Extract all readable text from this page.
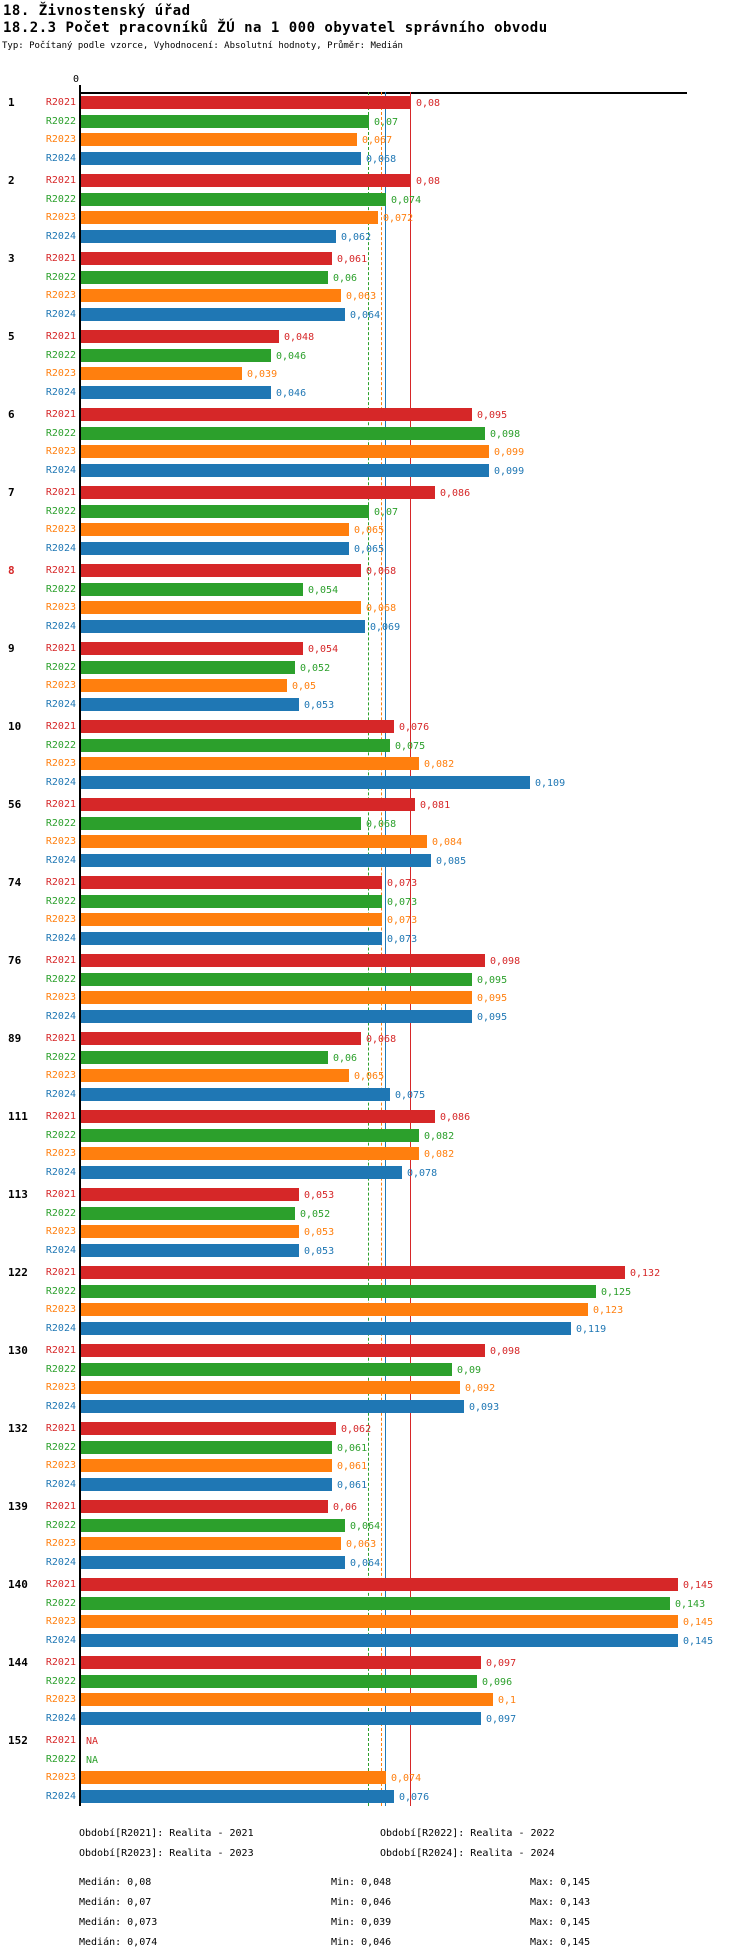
18. Živnostenský úřad
18.2.3 Počet pracovníků ŽÚ na 1 000 obyvatel správního obvodu
Typ: Počítaný podle vzorce, Vyhodnocení: Absolutní hodnoty, Průměr: Medián
0
1	R2021	0,08
R2022	0,07
R2023	0,067
R2024	0,068
2	R2021	0,08
R2022	0,074
R2023	0,072
R2024	0,062
3	R2021	0,061
R2022	0,06
R2023	0,063
R2024	0,064
5	R2021	0,048
R2022	0,046
R2023	0,039
R2024	0,046
6	R2021	0,095
R2022	0,098
R2023	0,099
R2024	0,099
7	R2021	0,086
R2022	0,07
R2023	0,065
R2024	0,065
8	R2021	0,068
R2022	0,054
R2023	0,068
R2024	0,069
9	R2021	0,054
R2022	0,052
R2023	0,05
R2024	0,053
10	R2021	0,076
R2022	0,075
R2023	0,082
R2024	0,109
56	R2021	0,081
R2022	0,068
R2023	0,084
R2024	0,085
74	R2021	0,073
R2022	0,073
R2023	0,073
R2024	0,073
76	R2021	0,098
R2022	0,095
R2023	0,095
R2024	0,095
89	R2021	0,068
R2022	0,06
R2023	0,065
R2024	0,075
111	R2021	0,086
R2022	0,082
R2023	0,082
R2024	0,078
113	R2021	0,053
R2022	0,052
R2023	0,053
R2024	0,053
122	R2021	0,132
R2022	0,125
R2023	0,123
R2024	0,119
130	R2021	0,098
R2022	0,09
R2023	0,092
R2024	0,093
132	R2021	0,062
R2022	0,061
R2023	0,061
R2024	0,061
139	R2021	0,06
R2022	0,064
R2023	0,063
R2024	0,064
140	R2021	0,145
R2022	0,143
R2023	0,145
R2024	0,145
144	R2021	0,097
R2022	0,096
R2023	0,1
R2024	0,097
152	R2021 NA
R2022 NA
R2023	0,074
R2024	0,076
Období[R2021]: Realita - 2021	Období[R2022]: Realita - 2022
Období[R2023]: Realita - 2023	Období[R2024]: Realita - 2024
Medián: 0,08	Min: 0,048	Max: 0,145
Medián: 0,07	Min: 0,046	Max: 0,143
Medián: 0,073	Min: 0,039	Max: 0,145
Medián: 0,074	Min: 0,046	Max: 0,145
